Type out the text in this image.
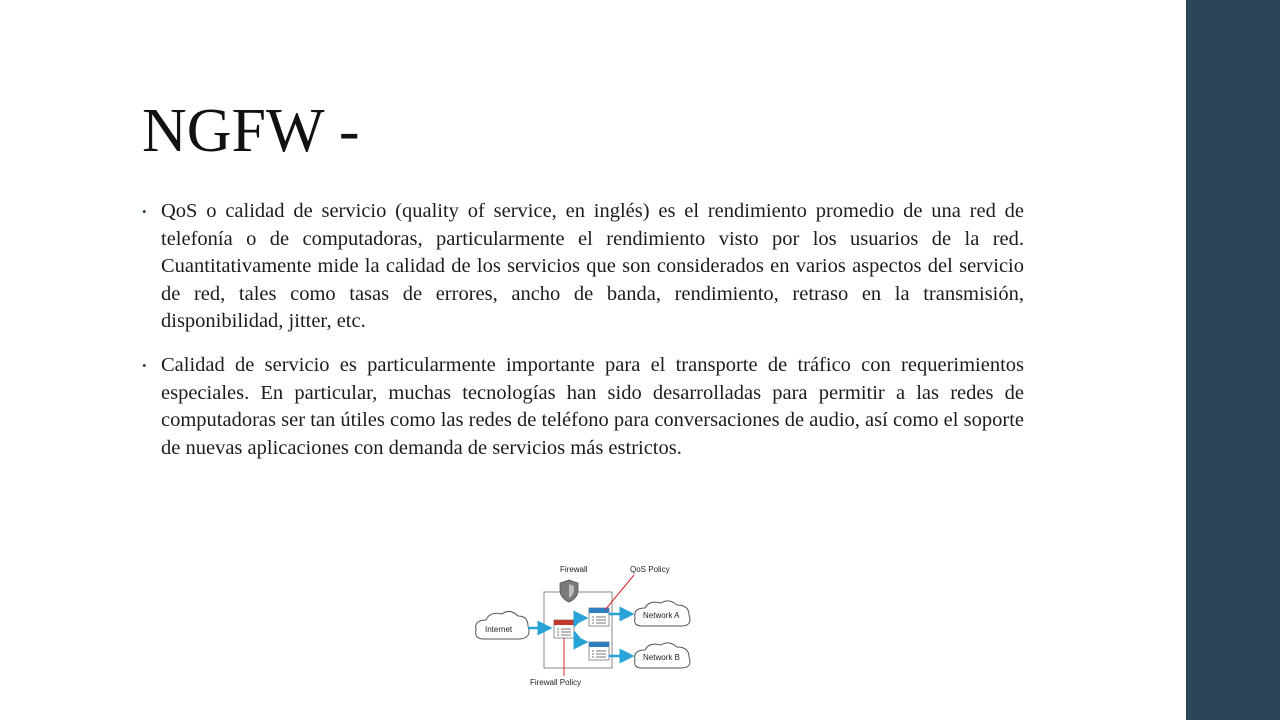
NGFW -
• QoS o calidad de servicio (quality of service, en inglés) es el rendimiento promedio de una red de telefonía o de computadoras, particularmente el rendimiento visto por los usuarios de la red. Cuantitativamente mide la calidad de los servicios que son considerados en varios aspectos del servicio de red, tales como tasas de errores, ancho de banda, rendimiento, retraso en la transmisión, disponibilidad, jitter, etc.
• Calidad de servicio es particularmente importante para el transporte de tráfico con requerimientos especiales. En particular, muchas tecnologías han sido desarrolladas para permitir a las redes de computadoras ser tan útiles como las redes de teléfono para conversaciones de audio, así como el soporte de nuevas aplicaciones con demanda de servicios más estrictos.
Firewall	QoS Policy
Internet
Network A
Network B
Firewall Policy
